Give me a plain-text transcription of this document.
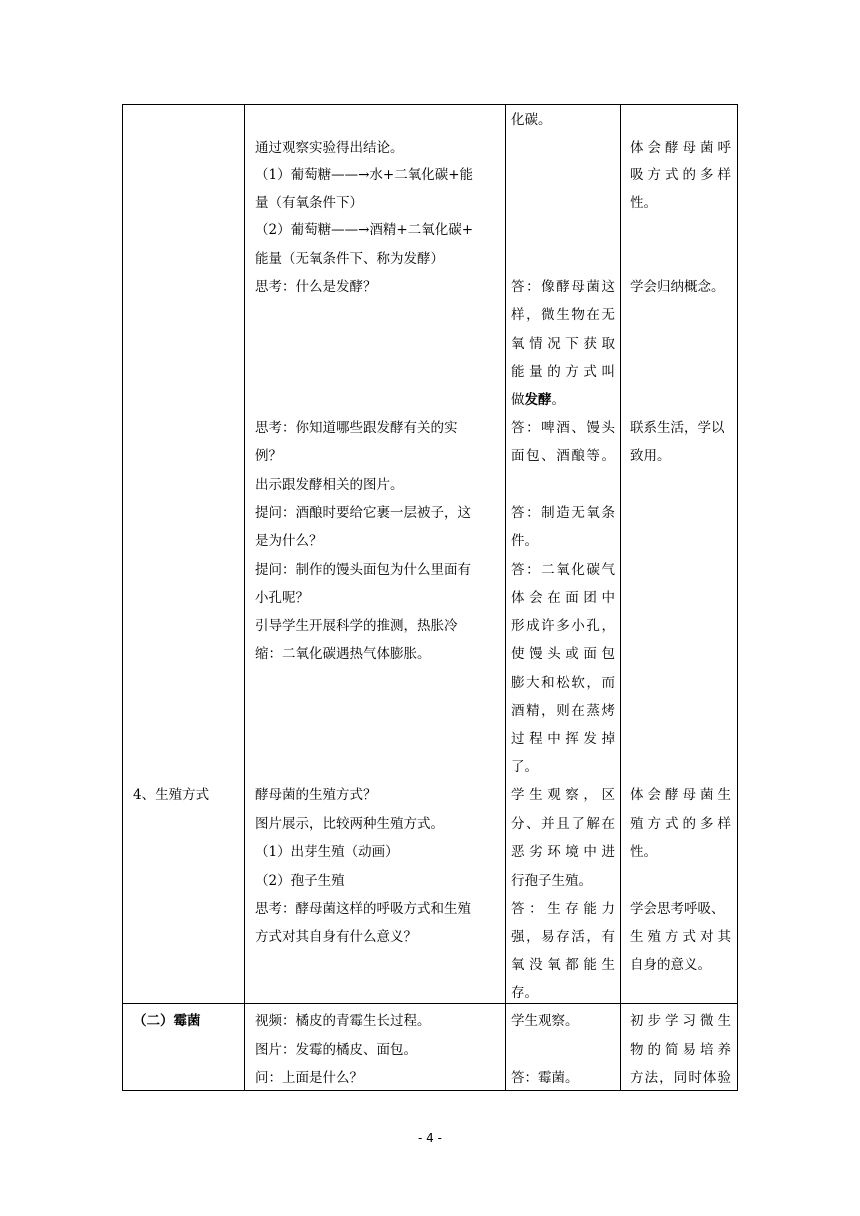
通过观察实验得出结论。
（1）葡萄糖——→水+二氧化碳+能
量（有氧条件下）
（2）葡萄糖——→酒精+二氧化碳+
能量（无氧条件下、称为发酵）
思考：什么是发酵？
思考：你知道哪些跟发酵有关的实
例？
出示跟发酵相关的图片。
提问：酒酿时要给它裹一层被子，这
是为什么？
提问：制作的馒头面包为什么里面有
小孔呢？
引导学生开展科学的推测，热胀冷
缩：二氧化碳遇热气体膨胀。
酵母菌的生殖方式？
图片展示，比较两种生殖方式。
（1）出芽生殖（动画）
（2）孢子生殖
思考：酵母菌这样的呼吸方式和生殖
方式对其自身有什么意义？
视频：橘皮的青霉生长过程。
图片：发霉的橘皮、面包。
问：上面是什么？
4、生殖方式
（二）霉菌
化碳。
答：像酵母菌这
样，微生物在无
氧情况下获取
能量的方式叫
做发酵。
答：啤酒、馒头
面包、酒酿等。
答：制造无氧条
件。
答：二氧化碳气
体会在面团中
形成许多小孔，
使馒头或面包
膨大和松软，而
酒精，则在蒸烤
过程中挥发掉
了。
学生观察，区
分、并且了解在
恶劣环境中进
行孢子生殖。
答：生存能力
强，易存活，有
氧没氧都能生
存。
学生观察。
答：霉菌。
体会酵母菌呼
吸方式的多样
性。
学会归纳概念。
联系生活，学以
致用。
体会酵母菌生
殖方式的多样
性。
学会思考呼吸、
生殖方式对其
自身的意义。
初步学习微生
物的简易培养
方法，同时体验
- 4 -
